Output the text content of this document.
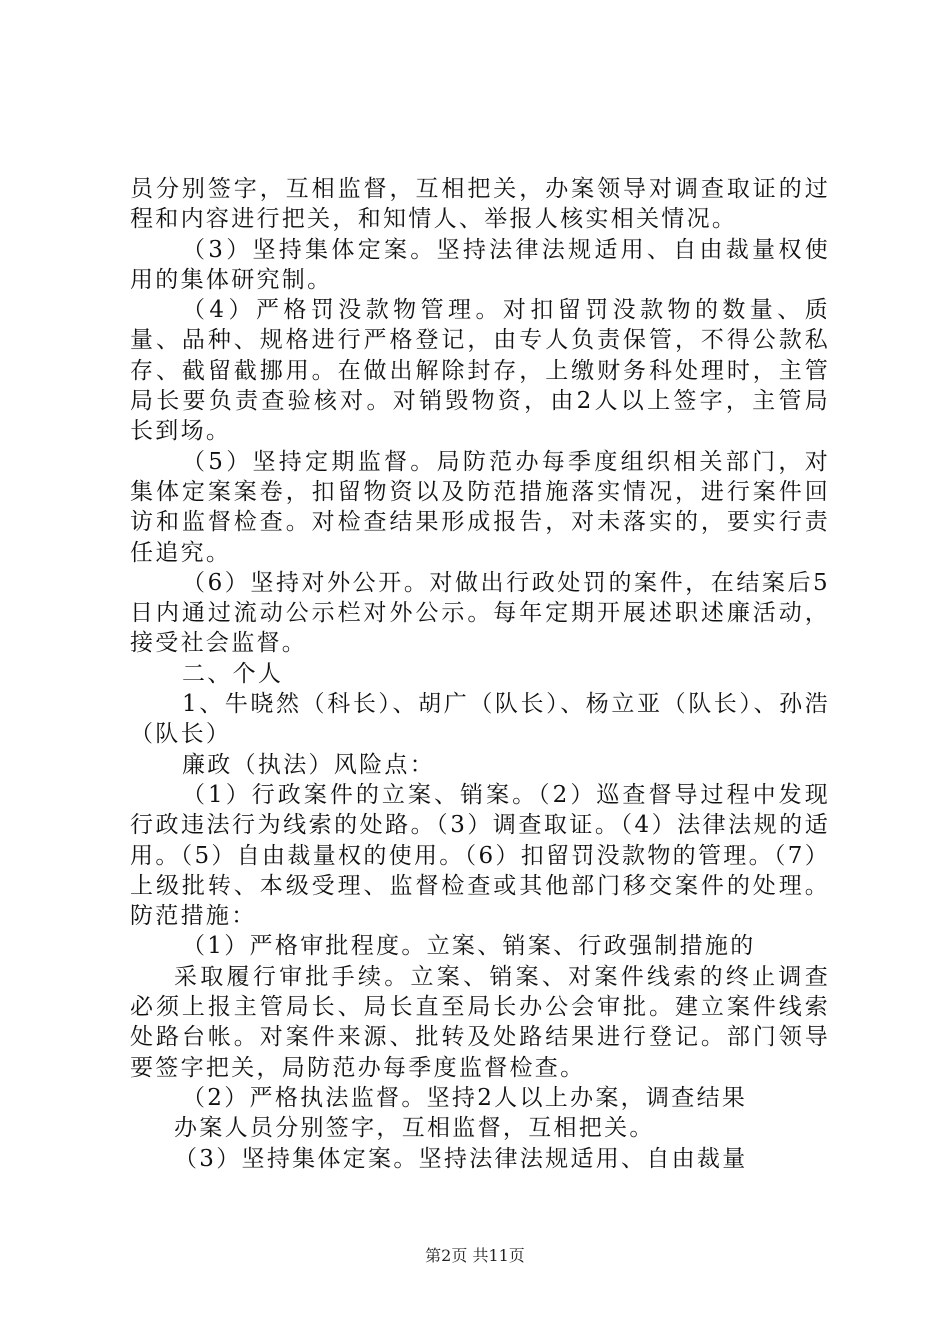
员分别签字，互相监督，互相把关，办案领导对调查取证的过程和内容进行把关，和知情人、举报人核实相关情况。

（3）坚持集体定案。坚持法律法规适用、自由裁量权使用的集体研究制。

（4）严格罚没款物管理。对扣留罚没款物的数量、质量、品种、规格进行严格登记，由专人负责保管，不得公款私存、截留截挪用。在做出解除封存，上缴财务科处理时，主管局长要负责查验核对。对销毁物资，由2人以上签字，主管局长到场。

（5）坚持定期监督。局防范办每季度组织相关部门，对集体定案案卷，扣留物资以及防范措施落实情况，进行案件回访和监督检查。对检查结果形成报告，对未落实的，要实行责任追究。

（6）坚持对外公开。对做出行政处罚的案件，在结案后5日内通过流动公示栏对外公示。每年定期开展述职述廉活动，接受社会监督。

二、个人

1、牛晓然（科长）、胡广（队长）、杨立亚（队长）、孙浩（队长）

廉政（执法）风险点：

（1）行政案件的立案、销案。（2）巡查督导过程中发现行政违法行为线索的处路。（3）调查取证。（4）法律法规的适用。（5）自由裁量权的使用。（6）扣留罚没款物的管理。（7）上级批转、本级受理、监督检查或其他部门移交案件的处理。防范措施：

（1）严格审批程度。立案、销案、行政强制措施的

采取履行审批手续。立案、销案、对案件线索的终止调查必须上报主管局长、局长直至局长办公会审批。建立案件线索处路台帐。对案件来源、批转及处路结果进行登记。部门领导要签字把关，局防范办每季度监督检查。

（2）严格执法监督。坚持2人以上办案，调查结果

办案人员分别签字，互相监督，互相把关。

（3）坚持集体定案。坚持法律法规适用、自由裁量

第2页 共11页
